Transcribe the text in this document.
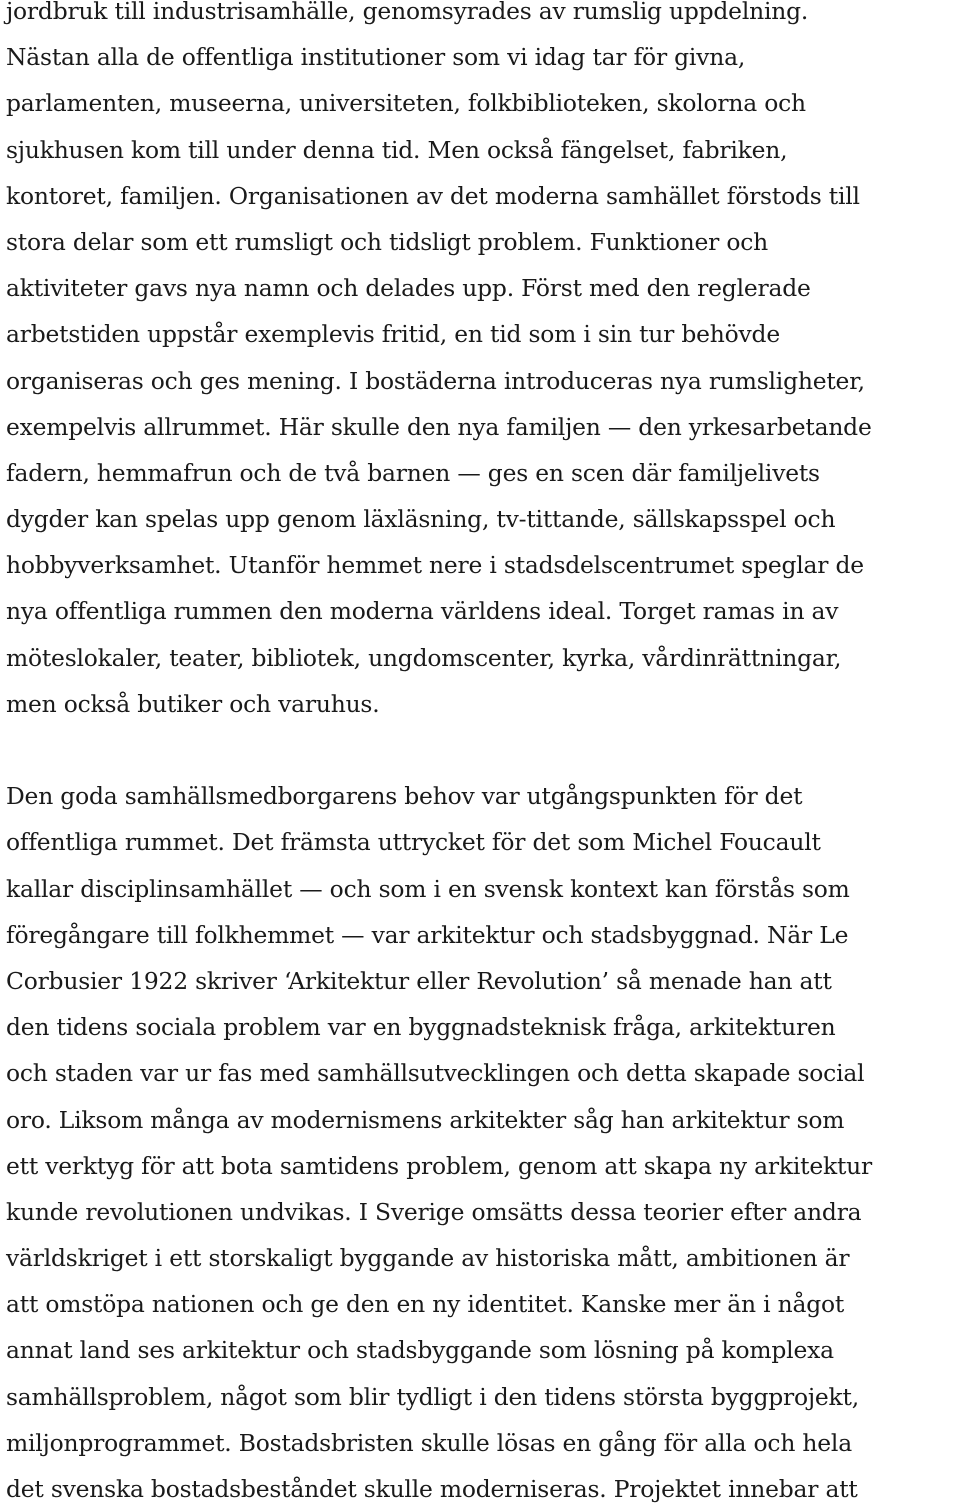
jordbruk till industrisamhälle, genomsyrades av rumslig uppdelning.
Nästan alla de offentliga institutioner som vi idag tar för givna,
parlamenten, museerna, universiteten, folkbiblioteken, skolorna och
sjukhusen kom till under denna tid. Men också fängelset, fabriken,
kontoret, familjen. Organisationen av det moderna samhället förstods till
stora delar som ett rumsligt och tidsligt problem. Funktioner och
aktiviteter gavs nya namn och delades upp. Först med den reglerade
arbetstiden uppstår exemplevis fritid, en tid som i sin tur behövde
organiseras och ges mening. I bostäderna introduceras nya rumsligheter,
exempelvis allrummet. Här skulle den nya familjen — den yrkesarbetande
fadern, hemmafrun och de två barnen — ges en scen där familjelivets
dygder kan spelas upp genom läxläsning, tv-tittande, sällskapsspel och
hobbyverksamhet. Utanför hemmet nere i stadsdelscentrumet speglar de
nya offentliga rummen den moderna världens ideal. Torget ramas in av
möteslokaler, teater, bibliotek, ungdomscenter, kyrka, vårdinrättningar,
men också butiker och varuhus.
Den goda samhällsmedborgarens behov var utgångspunkten för det
offentliga rummet. Det främsta uttrycket för det som Michel Foucault
kallar disciplinsamhället — och som i en svensk kontext kan förstås som
föregångare till folkhemmet — var arkitektur och stadsbyggnad. När Le
Corbusier 1922 skriver ‘Arkitektur eller Revolution’ så menade han att
den tidens sociala problem var en byggnadsteknisk fråga, arkitekturen
och staden var ur fas med samhällsutvecklingen och detta skapade social
oro. Liksom många av modernismens arkitekter såg han arkitektur som
ett verktyg för att bota samtidens problem, genom att skapa ny arkitektur
kunde revolutionen undvikas. I Sverige omsätts dessa teorier efter andra
världskriget i ett storskaligt byggande av historiska mått, ambitionen är
att omstöpa nationen och ge den en ny identitet. Kanske mer än i något
annat land ses arkitektur och stadsbyggande som lösning på komplexa
samhällsproblem, något som blir tydligt i den tidens största byggprojekt,
miljonprogrammet. Bostadsbristen skulle lösas en gång för alla och hela
det svenska bostadsbeståndet skulle moderniseras. Projektet innebar att
